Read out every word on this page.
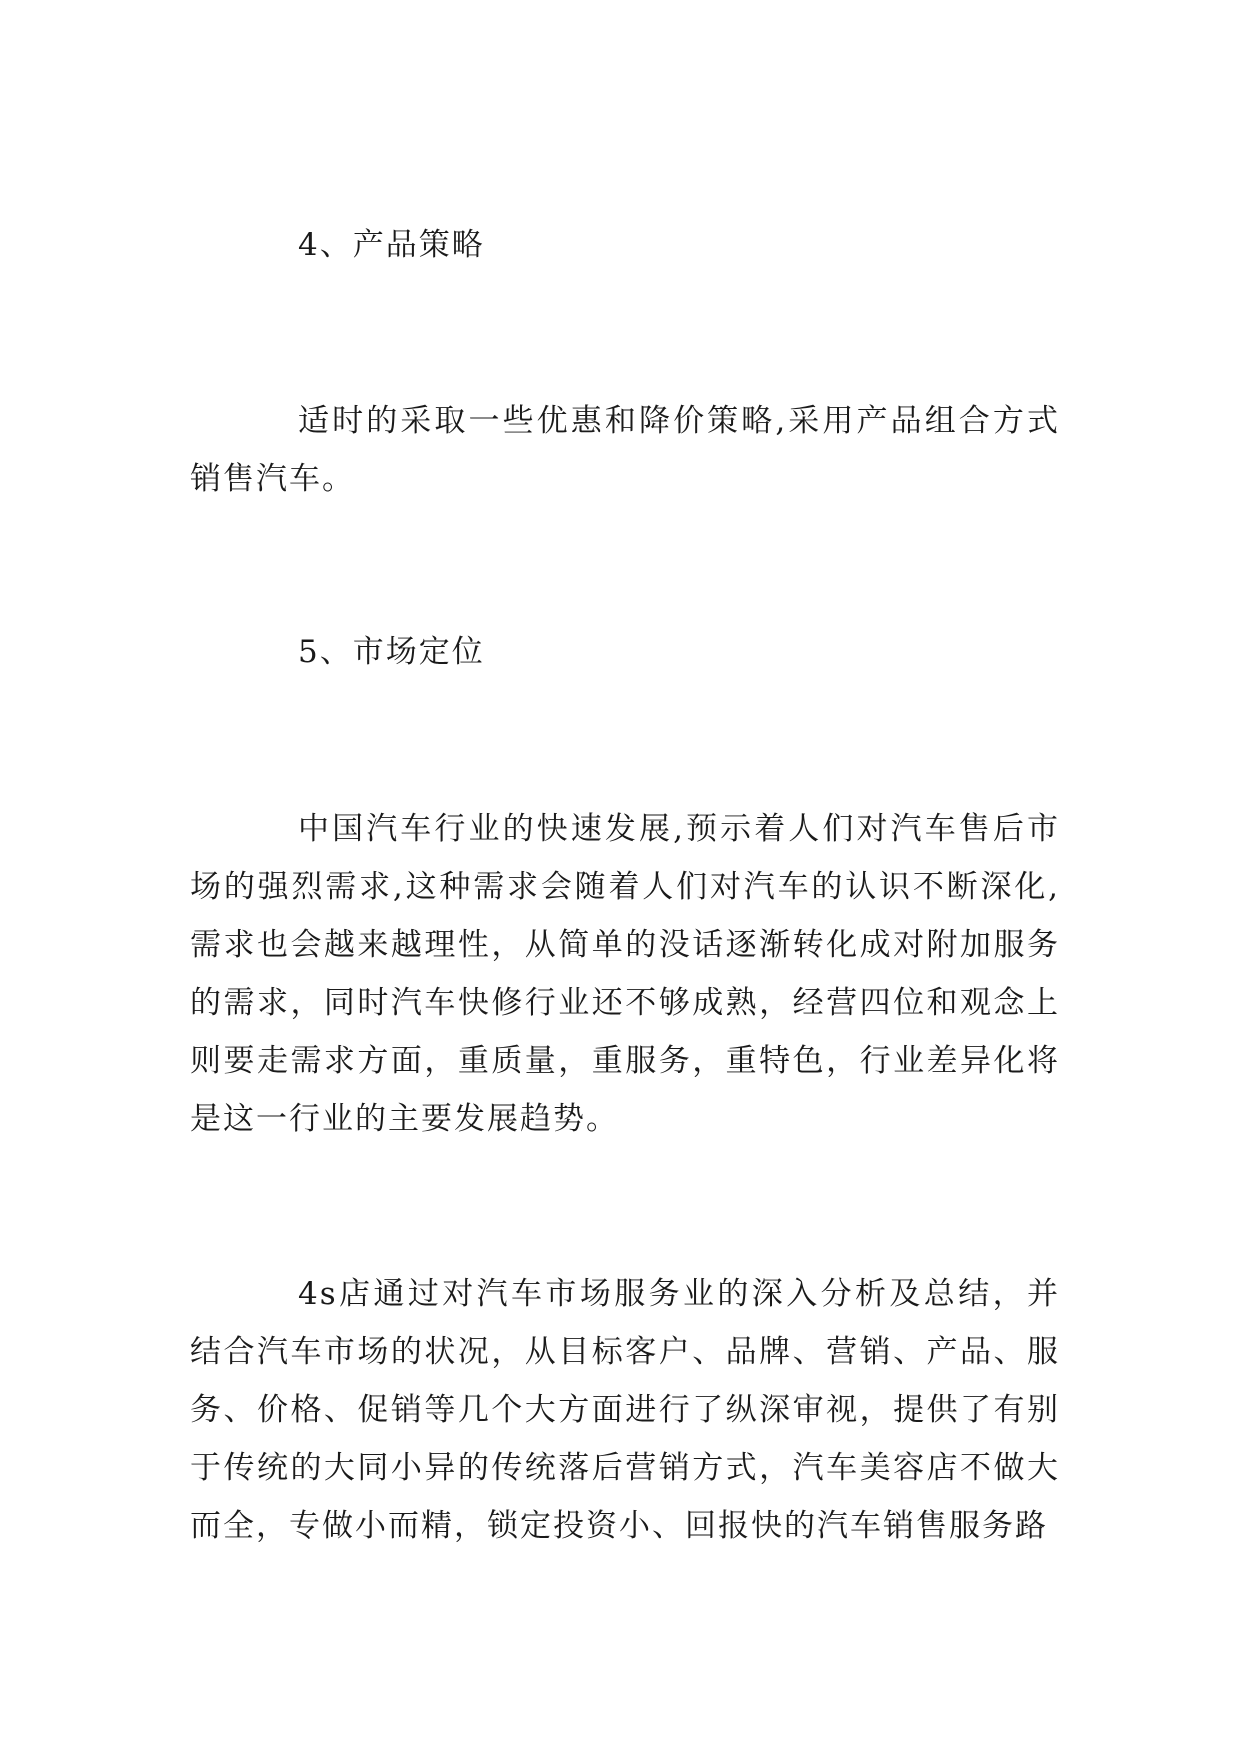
4、产品策略

适时的采取一些优惠和降价策略,采用产品组合方式销售汽车。

5、市场定位

中国汽车行业的快速发展,预示着人们对汽车售后市场的强烈需求,这种需求会随着人们对汽车的认识不断深化,需求也会越来越理性，从简单的没话逐渐转化成对附加服务的需求，同时汽车快修行业还不够成熟，经营四位和观念上则要走需求方面，重质量，重服务，重特色，行业差异化将是这一行业的主要发展趋势。

4s店通过对汽车市场服务业的深入分析及总结，并结合汽车市场的状况，从目标客户、品牌、营销、产品、服务、价格、促销等几个大方面进行了纵深审视，提供了有别于传统的大同小异的传统落后营销方式，汽车美容店不做大而全，专做小而精，锁定投资小、回报快的汽车销售服务路
